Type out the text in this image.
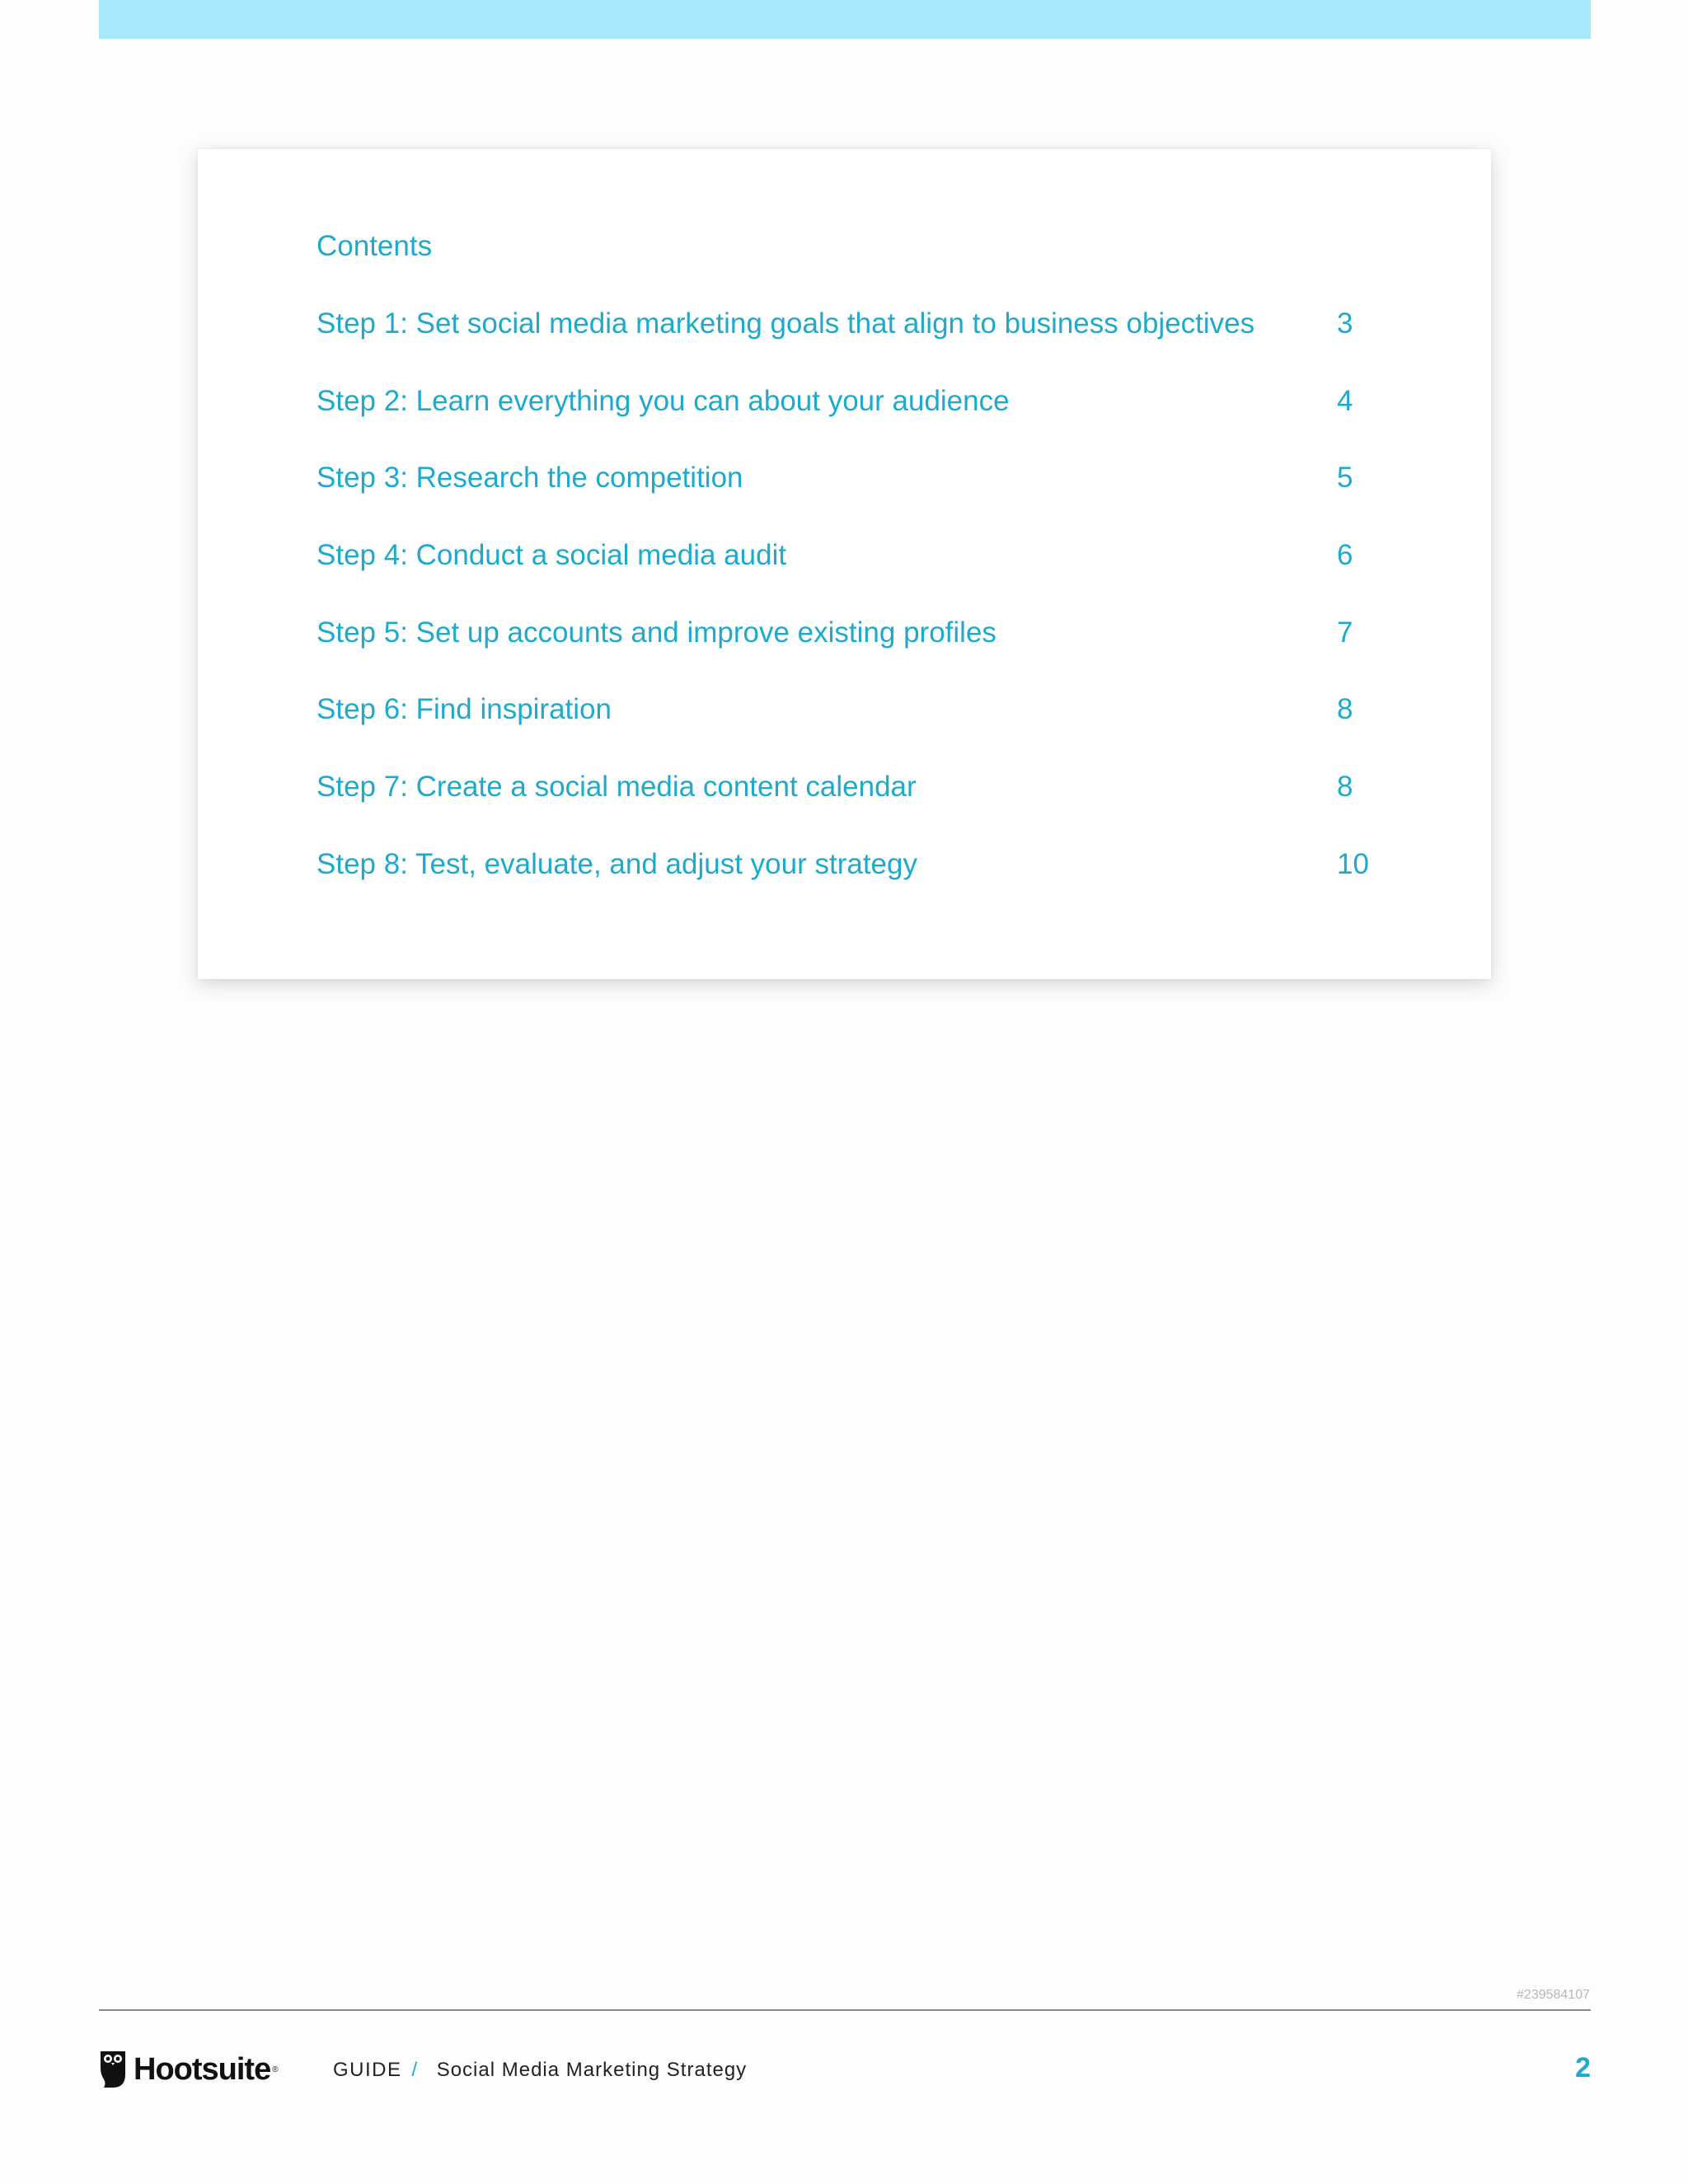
Contents
Step 1: Set social media marketing goals that align to business objectives	3
Step 2: Learn everything you can about your audience	4
Step 3: Research the competition	5
Step 4: Conduct a social media audit	6
Step 5: Set up accounts and improve existing profiles	7
Step 6: Find inspiration	8
Step 7: Create a social media content calendar	8
Step 8: Test, evaluate, and adjust your strategy	10
#239584107
Hootsuite ®	GUIDE / Social Media Marketing Strategy	2
